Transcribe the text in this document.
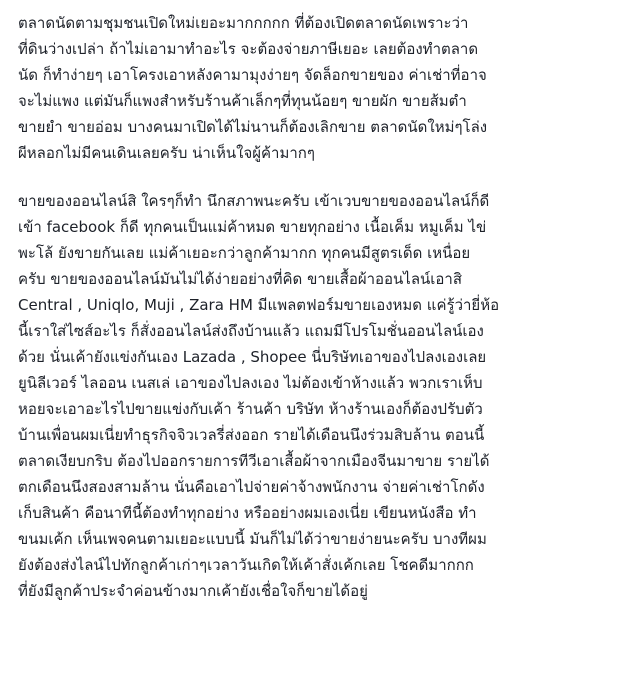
ตลาดนัดตามชุมชนเปิดใหม่เยอะมากกกกก ที่ต้องเปิดตลาดนัดเพราะว่า
ที่ดินว่างเปล่า ถ้าไม่เอามาทำอะไร จะต้องจ่ายภาษีเยอะ เลยต้องทำตลาด
นัด ก็ทำง่ายๆ เอาโครงเอาหลังคามามุงง่ายๆ จัดล็อกขายของ ค่าเช่าที่อาจ
จะไม่แพง แต่มันก็แพงสำหรับร้านค้าเล็กๆที่ทุนน้อยๆ ขายผัก ขายส้มตำ
ขายยำ ขายอ่อม บางคนมาเปิดได้ไม่นานก็ต้องเลิกขาย ตลาดนัดใหม่ๆโล่ง
ผีหลอกไม่มีคนเดินเลยครับ น่าเห็นใจผู้ค้ามากๆ

ขายของออนไลน์สิ ใครๆก็ทำ นึกสภาพนะครับ เข้าเวบขายของออนไลน์ก็ดี
เข้า facebook ก็ดี ทุกคนเป็นแม่ค้าหมด ขายทุกอย่าง เนื้อเค็ม หมูเค็ม ไข่
พะโล้ ยังขายกันเลย แม่ค้าเยอะกว่าลูกค้ามากก ทุกคนมีสูตรเด็ด เหนื่อย
ครับ ขายของออนไลน์มันไม่ได้ง่ายอย่างที่คิด ขายเสื้อผ้าออนไลน์เอาสิ
Central , Uniqlo, Muji , Zara HM มีแพลตฟอร์มขายเองหมด แค่รู้ว่ายี่ห้อ
นี้เราใส่ไซส์อะไร ก็สั่งออนไลน์ส่งถึงบ้านแล้ว แถมมีโปรโมชั่นออนไลน์เอง
ด้วย นั่นเค้ายังแข่งกันเอง Lazada , Shopee นี่บริษัทเอาของไปลงเองเลย
ยูนิลีเวอร์ ไลออน เนสเล่ เอาของไปลงเอง ไม่ต้องเข้าห้างแล้ว พวกเราเห็บ
หอยจะเอาอะไรไปขายแข่งกับเค้า ร้านค้า บริษัท ห้างร้านเองก็ต้องปรับตัว
บ้านเพื่อนผมเนี่ยทำธุรกิจจิวเวลรี่ส่งออก รายได้เดือนนึงร่วมสิบล้าน ตอนนี้
ตลาดเงียบกริบ ต้องไปออกรายการทีวีเอาเสื้อผ้าจากเมืองจีนมาขาย รายได้
ตกเดือนนึงสองสามล้าน นั่นคือเอาไปจ่ายค่าจ้างพนักงาน จ่ายค่าเช่าโกดัง
เก็บสินค้า คือนาทีนี้ต้องทำทุกอย่าง หรืออย่างผมเองเนี่ย เขียนหนังสือ ทำ
ขนมเค้ก เห็นเพจคนตามเยอะแบบนี้ มันก็ไม่ได้ว่าขายง่ายนะครับ บางทีผม
ยังต้องส่งไลน์ไปทักลูกค้าเก่าๆเวลาวันเกิดให้เค้าสั่งเค้กเลย โชคดีมากกก
ที่ยังมีลูกค้าประจำค่อนข้างมากเค้ายังเชื่อใจก็ขายได้อยู่
